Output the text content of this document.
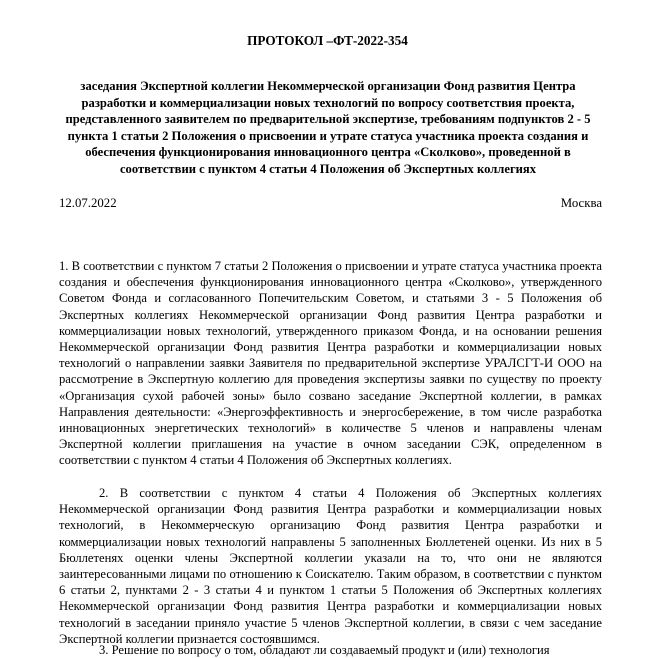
ПРОТОКОЛ –ФТ-2022-354

заседания Экспертной коллегии Некоммерческой организации Фонд развития Центра разработки и коммерциализации новых технологий по вопросу соответствия проекта, представленного заявителем по предварительной экспертизе, требованиям подпунктов 2 - 5 пункта 1 статьи 2 Положения о присвоении и утрате статуса участника проекта создания и обеспечения функционирования инновационного центра «Сколково», проведенной в соответствии с пунктом 4 статьи 4 Положения об Экспертных коллегиях

12.07.2022	Москва

1. В соответствии с пунктом 7 статьи 2 Положения о присвоении и утрате статуса участника проекта создания и обеспечения функционирования инновационного центра «Сколково», утвержденного Советом Фонда и согласованного Попечительским Советом, и статьями 3 - 5 Положения об Экспертных коллегиях Некоммерческой организации Фонд развития Центра разработки и коммерциализации новых технологий, утвержденного приказом Фонда, и на основании решения Некоммерческой организации Фонд развития Центра разработки и коммерциализации новых технологий о направлении заявки Заявителя по предварительной экспертизе УРАЛСГТ-И ООО на рассмотрение в Экспертную коллегию для проведения экспертизы заявки по существу по проекту «Организация сухой рабочей зоны» было созвано заседание Экспертной коллегии, в рамках Направления деятельности: «Энергоэффективность и энергосбережение, в том числе разработка инновационных энергетических технологий» в количестве 5 членов и направлены членам Экспертной коллегии приглашения на участие в очном заседании СЭК, определенном в соответствии с пунктом 4 статьи 4 Положения об Экспертных коллегиях.

2. В соответствии с пунктом 4 статьи 4 Положения об Экспертных коллегиях Некоммерческой организации Фонд развития Центра разработки и коммерциализации новых технологий, в Некоммерческую организацию Фонд развития Центра разработки и коммерциализации новых технологий направлены 5 заполненных Бюллетеней оценки. Из них в 5 Бюллетенях оценки члены Экспертной коллегии указали на то, что они не являются заинтересованными лицами по отношению к Соискателю. Таким образом, в соответствии с пунктом 6 статьи 2, пунктами 2 - 3 статьи 4 и пунктом 1 статьи 5 Положения об Экспертных коллегиях Некоммерческой организации Фонд развития Центра разработки и коммерциализации новых технологий в заседании приняло участие 5 членов Экспертной коллегии, в связи с чем заседание Экспертной коллегии признается состоявшимся.

3. Решение по вопросу о том, обладают ли создаваемый продукт и (или) технология
